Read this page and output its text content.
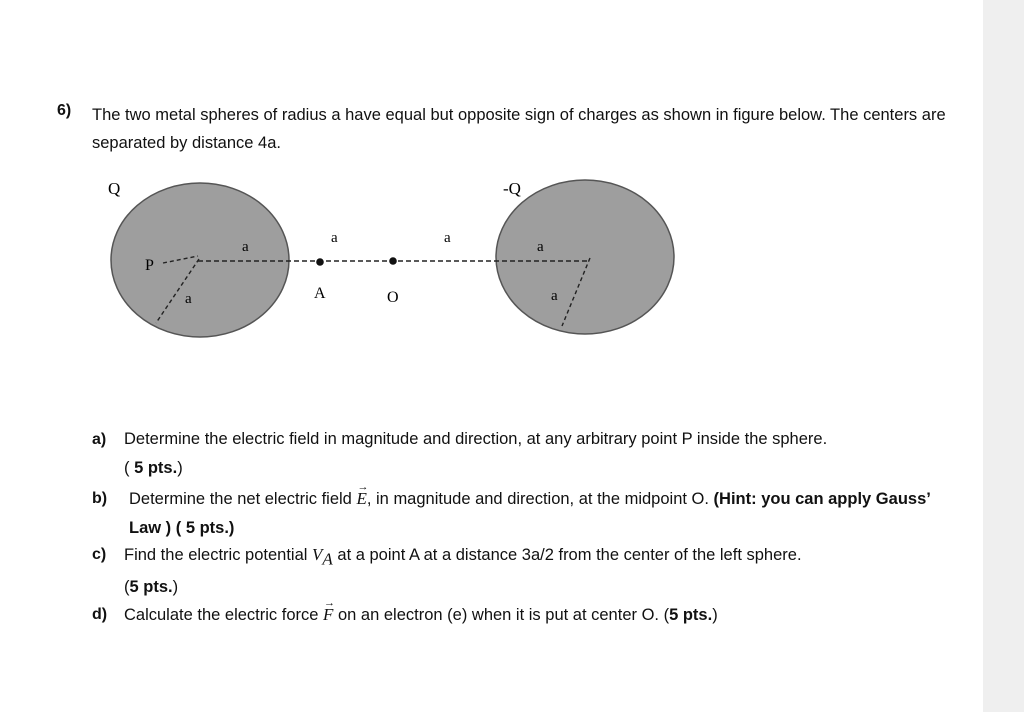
6) The two metal spheres of radius a have equal but opposite sign of charges as shown in figure below. The centers are separated by distance 4a.
Q	-Q
P
A	O
a
a
a	a
a
a
a) Determine the electric field in magnitude and direction, at any arbitrary point P inside the sphere.
( 5 pts.)
b) Determine the net electric field → E, in magnitude and direction, at the midpoint O. (Hint: you can apply Gauss’ Law ) ( 5 pts.)
c) Find the electric potential $V_A$ at a point A at a distance 3a/2 from the center of the left sphere.
(5 pts.)
d) Calculate the electric force → F on an electron (e) when it is put at center O. (5 pts.)
